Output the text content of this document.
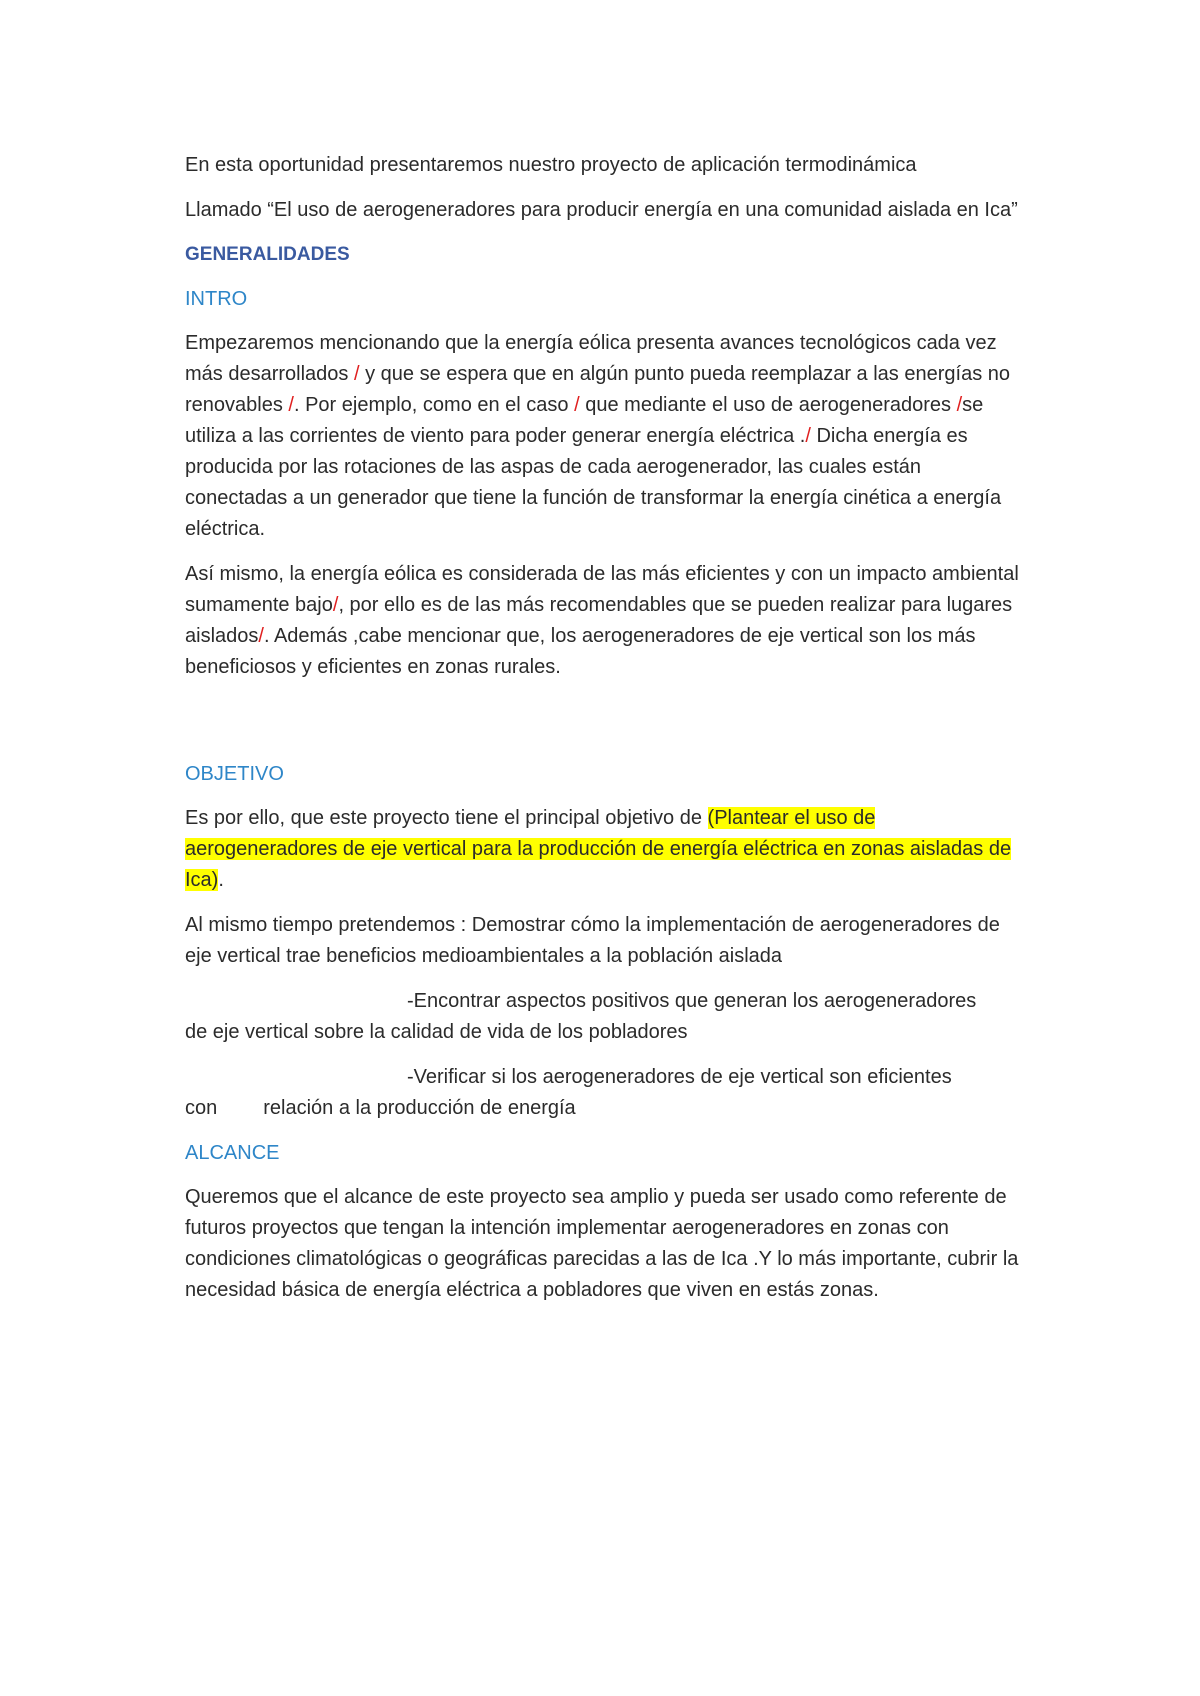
En esta oportunidad presentaremos nuestro proyecto de aplicación termodinámica

Llamado “El uso de aerogeneradores para producir energía en una comunidad aislada en Ica”

GENERALIDADES
INTRO

Empezaremos mencionando que la energía eólica presenta avances tecnológicos cada vez más desarrollados / y que se espera que en algún punto pueda reemplazar a las energías no renovables /. Por ejemplo, como en el caso / que mediante el uso de aerogeneradores /se utiliza a las corrientes de viento para poder generar energía eléctrica ./ Dicha energía es producida por las rotaciones de las aspas de cada aerogenerador, las cuales están conectadas a un generador que tiene la función de transformar la energía cinética a energía eléctrica.

Así mismo, la energía eólica es considerada de las más eficientes y con un impacto ambiental sumamente bajo/, por ello es de las más recomendables que se pueden realizar para lugares aislados/. Además ,cabe mencionar que, los aerogeneradores de eje vertical son los más beneficiosos y eficientes en zonas rurales.

OBJETIVO

Es por ello, que este proyecto tiene el principal objetivo de (Plantear el uso de aerogeneradores de eje vertical para la producción de energía eléctrica en zonas aisladas de Ica).

Al mismo tiempo pretendemos : Demostrar cómo la implementación de aerogeneradores de eje vertical trae beneficios medioambientales a la población aislada

-Encontrar aspectos positivos que generan los aerogeneradores
de eje vertical sobre la calidad de vida de los pobladores

-Verificar si los aerogeneradores de eje vertical son eficientes
con relación a la producción de energía

ALCANCE

Queremos que el alcance de este proyecto sea amplio y pueda ser usado como referente de futuros proyectos que tengan la intención implementar aerogeneradores en zonas con condiciones climatológicas o geográficas parecidas a las de Ica .Y lo más importante, cubrir la necesidad básica de energía eléctrica a pobladores que viven en estás zonas.
